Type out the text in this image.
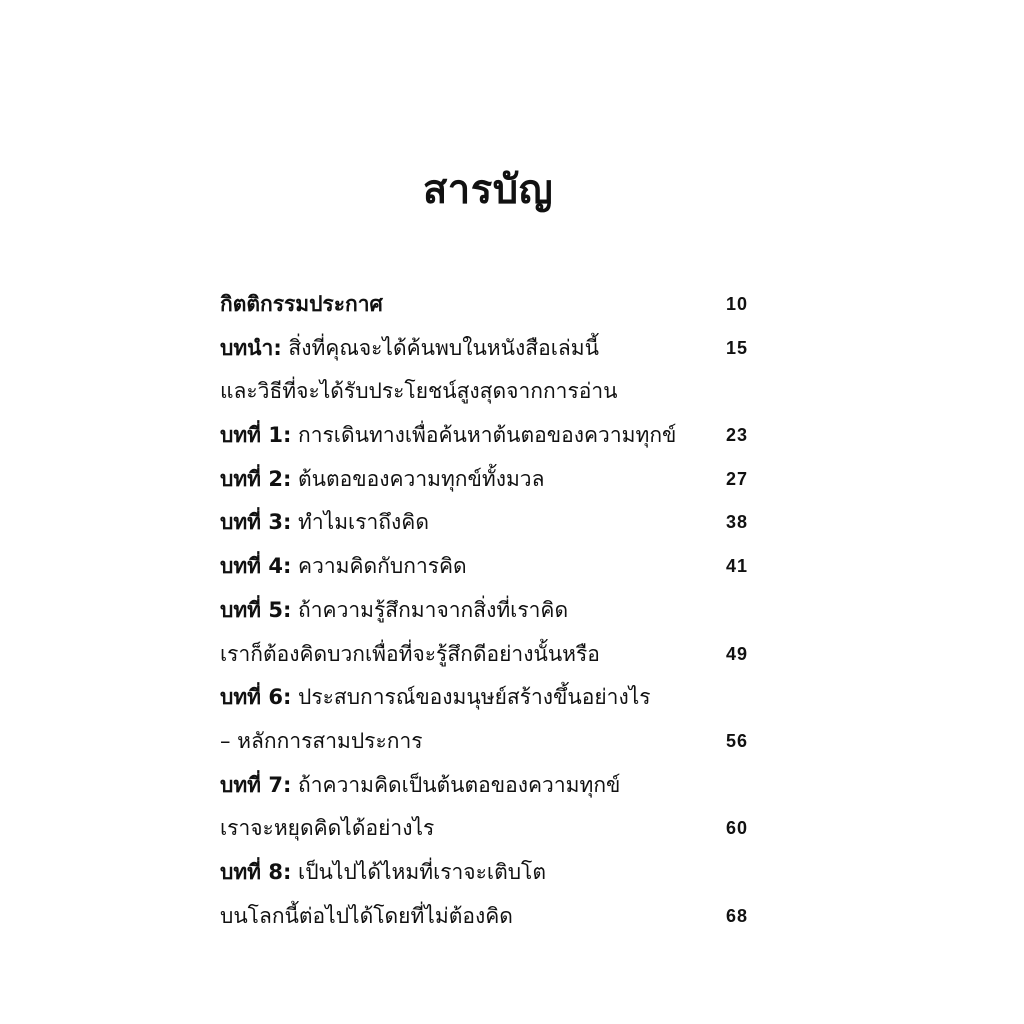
สารบัญ
กิตติกรรมประกาศ	10
บทนำ: สิ่งที่คุณจะได้ค้นพบในหนังสือเล่มนี้	15
และวิธีที่จะได้รับประโยชน์สูงสุดจากการอ่าน
บทที่ 1: การเดินทางเพื่อค้นหาต้นตอของความทุกข์	23
บทที่ 2: ต้นตอของความทุกข์ทั้งมวล	27
บทที่ 3: ทำไมเราถึงคิด	38
บทที่ 4: ความคิดกับการคิด	41
บทที่ 5: ถ้าความรู้สึกมาจากสิ่งที่เราคิด
เราก็ต้องคิดบวกเพื่อที่จะรู้สึกดีอย่างนั้นหรือ	49
บทที่ 6: ประสบการณ์ของมนุษย์สร้างขึ้นอย่างไร
– หลักการสามประการ	56
บทที่ 7: ถ้าความคิดเป็นต้นตอของความทุกข์
เราจะหยุดคิดได้อย่างไร	60
บทที่ 8: เป็นไปได้ไหมที่เราจะเติบโต
บนโลกนี้ต่อไปได้โดยที่ไม่ต้องคิด	68
